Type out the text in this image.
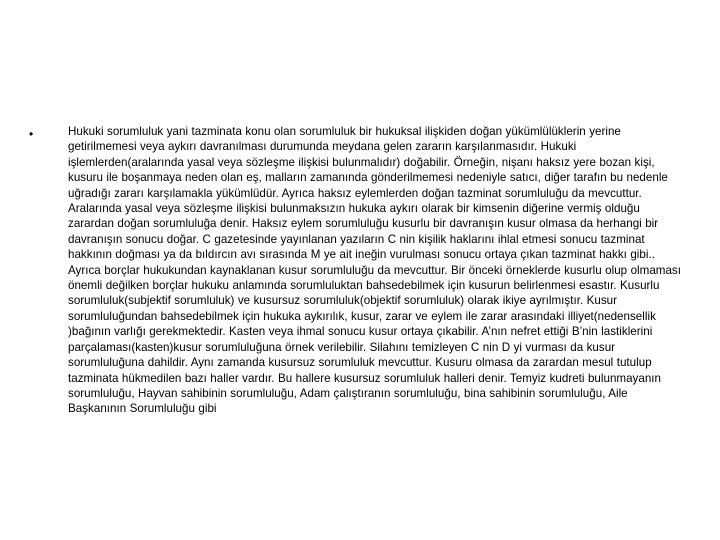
•	Hukuki sorumluluk yani tazminata konu olan sorumluluk bir hukuksal ilişkiden doğan yükümlülüklerin yerine getirilmemesi veya aykırı davranılması durumunda meydana gelen zararın karşılanmasıdır. Hukuki işlemlerden(aralarında yasal veya sözleşme ilişkisi bulunmalıdır) doğabilir. Örneğin, nişanı haksız yere bozan kişi, kusuru ile boşanmaya neden olan eş, malların zamanında gönderilmemesi nedeniyle satıcı, diğer tarafın bu nedenle uğradığı zararı karşılamakla yükümlüdür. Ayrıca haksız eylemlerden doğan tazminat sorumluluğu da mevcuttur. Aralarında yasal veya sözleşme ilişkisi bulunmaksızın hukuka aykırı olarak bir kimsenin diğerine vermiş olduğu zarardan doğan sorumluluğa denir. Haksız eylem sorumluluğu kusurlu bir davranışın kusur olmasa da herhangi bir davranışın sonucu doğar. C gazetesinde yayınlanan yazıların C nin kişilik haklarını ihlal etmesi sonucu tazminat hakkının doğması ya da bıldırcın avı sırasında M ye ait ineğin vurulması sonucu ortaya çıkan tazminat hakkı gibi.. Ayrıca borçlar hukukundan kaynaklanan kusur sorumluluğu da mevcuttur. Bir önceki örneklerde kusurlu olup olmaması önemli değilken borçlar hukuku anlamında sorumluluktan bahsedebilmek için kusurun belirlenmesi esastır. Kusurlu sorumluluk(subjektif sorumluluk) ve kusursuz sorumluluk(objektif sorumluluk) olarak ikiye ayrılmıştır. Kusur sorumluluğundan bahsedebilmek için hukuka aykırılık, kusur, zarar ve eylem ile zarar arasındaki illiyet(nedensellik )bağının varlığı gerekmektedir. Kasten veya ihmal sonucu kusur ortaya çıkabilir. A’nın nefret ettiği B’nin lastiklerini parçalaması(kasten)kusur sorumluluğuna örnek verilebilir. Silahını temizleyen C nin D yi vurması da kusur sorumluluğuna dahildir. Aynı zamanda kusursuz sorumluluk mevcuttur. Kusuru olmasa da zarardan mesul tutulup tazminata hükmedilen bazı haller vardır. Bu hallere kusursuz sorumluluk halleri denir. Temyiz kudreti bulunmayanın sorumluluğu, Hayvan sahibinin sorumluluğu, Adam çalıştıranın sorumluluğu, bina sahibinin sorumluluğu, Aile Başkanının Sorumluluğu gibi
